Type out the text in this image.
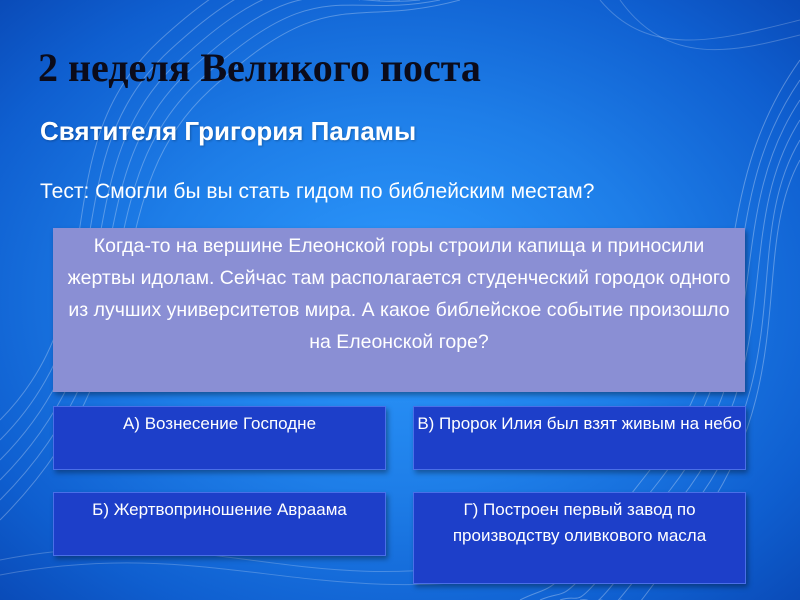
2 неделя Великого поста
Святителя Григория Паламы
Тест: Смогли бы вы стать гидом по библейским местам?
Когда-то на вершине Елеонской горы строили капища и приносили жертвы идолам. Сейчас там располагается студенческий городок одного из лучших университетов мира. А какое библейское событие произошло на Елеонской горе?
А) Вознесение Господне	В) Пророк Илия был взят живым на небо
Б) Жертвоприношение Авраама	Г) Построен первый завод по производству оливкового масла
